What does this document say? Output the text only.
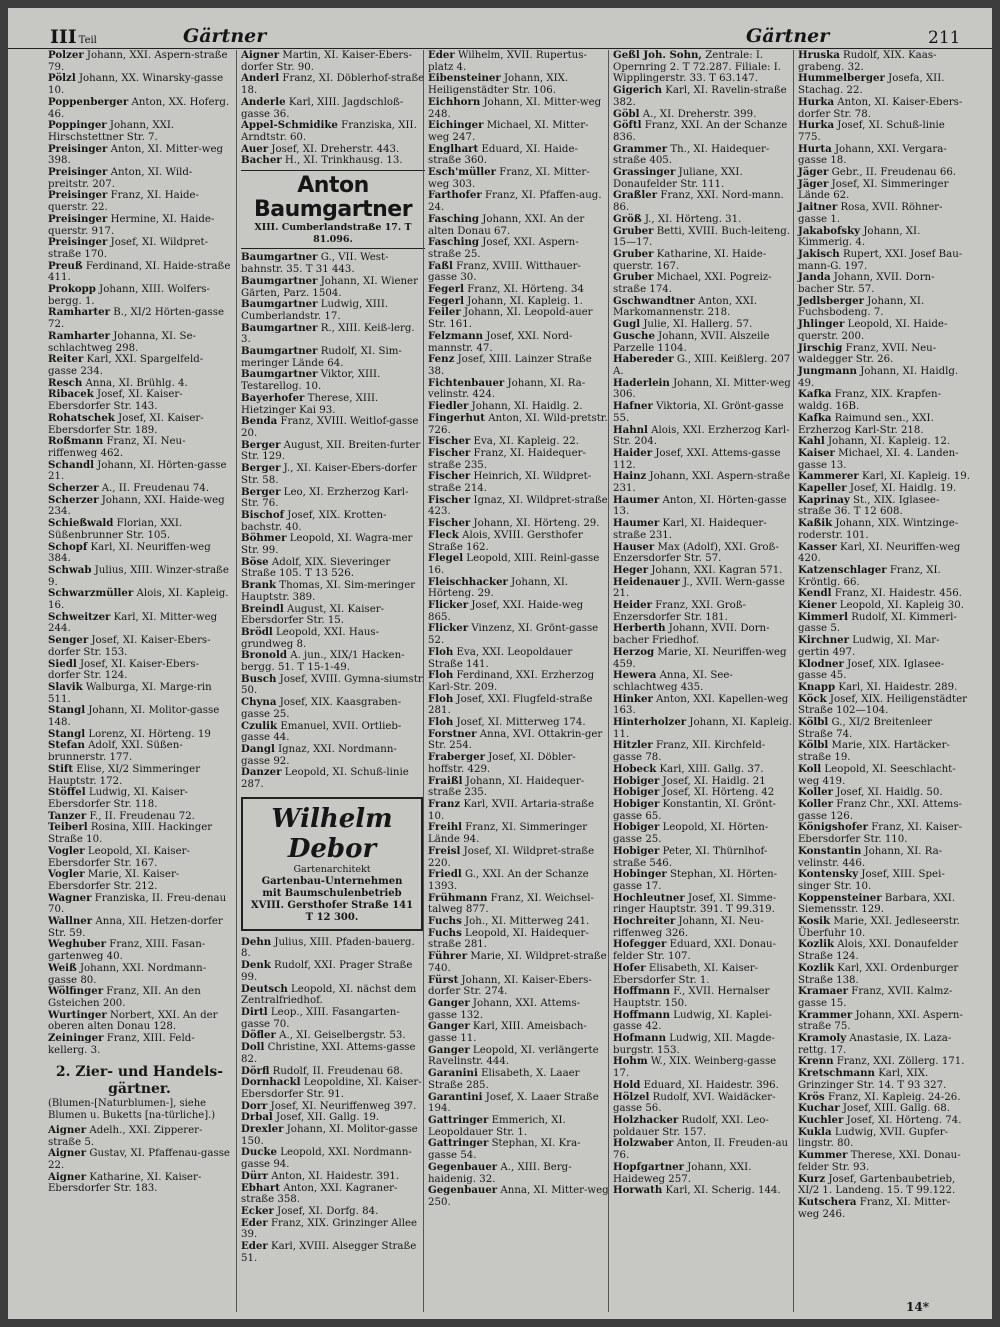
III Teil	Gärtner	Gärtner	211
Polzer Johann, XXI. Aspern-straße 79.
Pölzl Johann, XX. Winarsky-gasse 10.
Poppenberger Anton, XX. Hoferg. 46.
Poppinger Johann, XXI. Hirschstettner Str. 7.
Preisinger Anton, XI. Mitter-weg 398.
Preisinger Anton, XI. Wild-preitstr. 207.
Preisinger Franz, XI. Haide-querstr. 22.
Preisinger Hermine, XI. Haide-querstr. 917.
Preisinger Josef, XI. Wildpret-straße 170.
Preuß Ferdinand, XI. Haide-straße 411.
Prokopp Johann, XIII. Wolfers-bergg. 1.
Ramharter B., XI/2 Hörten-gasse 72.
Ramharter Johanna, XI. Se-schlachtweg 298.
Reiter Karl, XXI. Spargelfeld-gasse 234.
Resch Anna, XI. Brühlg. 4.
Ribacek Josef, XI. Kaiser-Ebersdorfer Str. 143.
Rohatschek Josef, XI. Kaiser-Ebersdorfer Str. 189.
Roßmann Franz, XI. Neu-riffenweg 462.
Schandl Johann, XI. Hörten-gasse 21.
Scherzer A., II. Freudenau 74.
Scherzer Johann, XXI. Haide-weg 234.
Schießwald Florian, XXI. Süßenbrunner Str. 105.
Schopf Karl, XI. Neuriffen-weg 384.
Schwab Julius, XIII. Winzer-straße 9.
Schwarzmüller Alois, XI. Kapleig. 16.
Schweitzer Karl, XI. Mitter-weg 244.
Senger Josef, XI. Kaiser-Ebers-dorfer Str. 153.
Siedl Josef, XI. Kaiser-Ebers-dorfer Str. 124.
Slavik Walburga, XI. Marge-rin 511.
Stangl Johann, XI. Molitor-gasse 148.
Stangl Lorenz, XI. Hörteng. 19
Stefan Adolf, XXI. Süßen-brunnerstr. 177.
Stift Elise, XI/2 Simmeringer Hauptstr. 172.
Stöffel Ludwig, XI. Kaiser-Ebersdorfer Str. 118.
Tanzer F., II. Freudenau 72.
Teiberl Rosina, XIII. Hackinger Straße 10.
Vogler Leopold, XI. Kaiser-Ebersdorfer Str. 167.
Vogler Marie, XI. Kaiser-Ebersdorfer Str. 212.
Wagner Franziska, II. Freu-denau 70.
Wallner Anna, XII. Hetzen-dorfer Str. 59.
Weghuber Franz, XIII. Fasan-gartenweg 40.
Weiß Johann, XXI. Nordmann-gasse 80.
Wölfinger Franz, XII. An den Gsteichen 200.
Wurtinger Norbert, XXI. An der oberen alten Donau 128.
Zeininger Franz, XIII. Feld-kellerg. 3.
2. Zier- und Handels-gärtner.
(Blumen-[Naturblumen-], siehe Blumen u. Buketts [na-türliche].)
Aigner Adelh., XXI. Zipperer-straße 5.
Aigner Gustav, XI. Pfaffenau-gasse 22.
Aigner Katharine, XI. Kaiser-Ebersdorfer Str. 183.
Aigner Martin, XI. Kaiser-Ebers-dorfer Str. 90.
Anderl Franz, XI. Döblerhof-straße 18.
Anderle Karl, XIII. Jagdschloß-gasse 36.
Appel-Schmidike Franziska, XII. Arndtstr. 60.
Auer Josef, XI. Dreherstr. 443.
Bacher H., XI. Trinkhausg. 13.
Anton Baumgartner
XIII. Cumberlandstraße 17. T 81.096.
Baumgartner G., VII. West-bahnstr. 35. T 31 443.
Baumgartner Johann, XI. Wiener Gärten, Parz. 1504.
Baumgartner Ludwig, XIII. Cumberlandstr. 17.
Baumgartner R., XIII. Keiß-lerg. 3.
Baumgartner Rudolf, XI. Sim-meringer Lände 64.
Baumgartner Viktor, XIII. Testarellog. 10.
Bayerhofer Therese, XIII. Hietzinger Kai 93.
Benda Franz, XVIII. Weitlof-gasse 20.
Berger August, XII. Breiten-furter Str. 129.
Berger J., XI. Kaiser-Ebers-dorfer Str. 58.
Berger Leo, XI. Erzherzog Karl-Str. 76.
Bischof Josef, XIX. Krotten-bachstr. 40.
Böhmer Leopold, XI. Wagra-mer Str. 99.
Böse Adolf, XIX. Sieveringer Straße 105. T 13 526.
Brank Thomas, XI. Sim-meringer Hauptstr. 389.
Breindl August, XI. Kaiser-Ebersdorfer Str. 15.
Brödl Leopold, XXI. Haus-grundweg 8.
Bronold A. jun., XIX/1 Hacken-bergg. 51. T 15-1-49.
Busch Josef, XVIII. Gymna-siumstr. 50.
Chyna Josef, XIX. Kaasgraben-gasse 25.
Czulik Emanuel, XVII. Ortlieb-gasse 44.
Dangl Ignaz, XXI. Nordmann-gasse 92.
Danzer Leopold, XI. Schuß-linie 287.
Wilhelm Debor
Gartenarchitekt
Gartenbau-Unternehmen
mit Baumschulenbetrieb
XVIII. Gersthofer Straße 141
T 12 300.
Dehn Julius, XIII. Pfaden-bauerg. 8.
Denk Rudolf, XXI. Prager Straße 99.
Deutsch Leopold, XI. nächst dem Zentralfriedhof.
Dirtl Leop., XIII. Fasangarten-gasse 70.
Döfler A., XI. Geiselbergstr. 53.
Doll Christine, XXI. Attems-gasse 82.
Dörfl Rudolf, II. Freudenau 68.
Dornhackl Leopoldine, XI. Kaiser-Ebersdorfer Str. 91.
Dorr Josef, XI. Neuriffenweg 397.
Drbal Josef, XII. Gallg. 19.
Drexler Johann, XI. Molitor-gasse 150.
Ducke Leopold, XXI. Nordmann-gasse 94.
Dürr Anton, XI. Haidestr. 391.
Ebhart Anton, XXI. Kagraner-straße 358.
Ecker Josef, XI. Dorfg. 84.
Eder Franz, XIX. Grinzinger Allee 39.
Eder Karl, XVIII. Alsegger Straße 51.
Eder Wilhelm, XVII. Rupertus-platz 4.
Eibensteiner Johann, XIX. Heiligenstädter Str. 106.
Eichhorn Johann, XI. Mitter-weg 248.
Eichinger Michael, XI. Mitter-weg 247.
Englhart Eduard, XI. Haide-straße 360.
Esch'müller Franz, XI. Mitter-weg 303.
Farthofer Franz, XI. Pfaffen-aug. 24.
Fasching Johann, XXI. An der alten Donau 67.
Fasching Josef, XXI. Aspern-straße 25.
Faßl Franz, XVIII. Witthauer-gasse 30.
Fegerl Franz, XI. Hörteng. 34
Fegerl Johann, XI. Kapleig. 1.
Feiler Johann, XI. Leopold-auer Str. 161.
Felzmann Josef, XXI. Nord-mannstr. 47.
Fenz Josef, XIII. Lainzer Straße 38.
Fichtenbauer Johann, XI. Ra-velinstr. 424.
Fiedler Johann, XI. Haidlg. 2.
Fingerhut Anton, XI. Wild-pretstr. 726.
Fischer Eva, XI. Kapleig. 22.
Fischer Franz, XI. Haidequer-straße 235.
Fischer Heinrich, XI. Wildpret-straße 214.
Fischer Ignaz, XI. Wildpret-straße 423.
Fischer Johann, XI. Hörteng. 29.
Fleck Alois, XVIII. Gersthofer Straße 162.
Flegel Leopold, XIII. Reinl-gasse 16.
Fleischhacker Johann, XI. Hörteng. 29.
Flicker Josef, XXI. Haide-weg 865.
Flicker Vinzenz, XI. Grönt-gasse 52.
Floh Eva, XXI. Leopoldauer Straße 141.
Floh Ferdinand, XXI. Erzherzog Karl-Str. 209.
Floh Josef, XXI. Flugfeld-straße 281.
Floh Josef, XI. Mitterweg 174.
Forstner Anna, XVI. Ottakrin-ger Str. 254.
Fraberger Josef, XI. Döbler-hoffstr. 429.
Fraißl Johann, XI. Haidequer-straße 235.
Franz Karl, XVII. Artaria-straße 10.
Freihl Franz, XI. Simmeringer Lände 94.
Freisl Josef, XI. Wildpret-straße 220.
Friedl G., XXI. An der Schanze 1393.
Frühmann Franz, XI. Weichsel-talweg 877.
Fuchs Joh., XI. Mitterweg 241.
Fuchs Leopold, XI. Haidequer-straße 281.
Führer Marie, XI. Wildpret-straße 740.
Fürst Johann, XI. Kaiser-Ebers-dorfer Str. 274.
Ganger Johann, XXI. Attems-gasse 132.
Ganger Karl, XIII. Ameisbach-gasse 11.
Ganger Leopold, XI. verlängerte Ravelinstr. 444.
Garanini Elisabeth, X. Laaer Straße 285.
Garantini Josef, X. Laaer Straße 194.
Gattringer Emmerich, XI. Leopoldauer Str. 1.
Gattringer Stephan, XI. Kra-gasse 54.
Gegenbauer A., XIII. Berg-haidenig. 32.
Gegenbauer Anna, XI. Mitter-weg 250.
Geßl Joh. Sohn, Zentrale: I. Opernring 2. T 72.287. Filiale: I. Wipplingerstr. 33. T 63.147.
Gigerich Karl, XI. Ravelin-straße 382.
Göbl A., XI. Dreherstr. 399.
Göftl Franz, XXI. An der Schanze 836.
Grammer Th., XI. Haidequer-straße 405.
Grassinger Juliane, XXI. Donaufelder Str. 111.
Graßler Franz, XXI. Nord-mann. 86.
Größ J., XI. Hörteng. 31.
Gruber Betti, XVIII. Buch-leiteng. 15—17.
Gruber Katharine, XI. Haide-querstr. 167.
Gruber Michael, XXI. Pogreiz-straße 174.
Gschwandtner Anton, XXI. Markomannenstr. 218.
Gugl Julie, XI. Hallerg. 57.
Gusche Johann, XVII. Alszeile Parzelle 1104.
Habereder G., XIII. Keißlerg. 207 A.
Haderlein Johann, XI. Mitter-weg 306.
Hafner Viktoria, XI. Grönt-gasse 55.
Hahnl Alois, XXI. Erzherzog Karl-Str. 204.
Haider Josef, XXI. Attems-gasse 112.
Hainz Johann, XXI. Aspern-straße 231.
Haumer Anton, XI. Hörten-gasse 13.
Haumer Karl, XI. Haidequer-straße 231.
Hauser Max (Adolf), XXI. Groß-Enzersdorfer Str. 57.
Heger Johann, XXI. Kagran 571.
Heidenauer J., XVII. Wern-gasse 21.
Heider Franz, XXI. Groß-Enzersdorfer Str. 181.
Herberth Johann, XVII. Dorn-bacher Friedhof.
Herzog Marie, XI. Neuriffen-weg 459.
Hewera Anna, XI. See-schlachtweg 435.
Hinker Anton, XXI. Kapellen-weg 163.
Hinterholzer Johann, XI. Kapleig. 11.
Hitzler Franz, XII. Kirchfeld-gasse 78.
Hobeck Karl, XIII. Gallg. 37.
Hobiger Josef, XI. Haidlg. 21
Hobiger Josef, XI. Hörteng. 42
Hobiger Konstantin, XI. Grönt-gasse 65.
Hobiger Leopold, XI. Hörten-gasse 25.
Hobiger Peter, XI. Thürnlhof-straße 546.
Hobinger Stephan, XI. Hörten-gasse 17.
Hochleutner Josef, XI. Simme-ringer Hauptstr. 391. T 99.319.
Hochreiter Johann, XI. Neu-riffenweg 326.
Hofegger Eduard, XXI. Donau-felder Str. 107.
Hofer Elisabeth, XI. Kaiser-Ebersdorfer Str. 1.
Hoffmann F., XVII. Hernalser Hauptstr. 150.
Hoffmann Ludwig, XI. Kaplei-gasse 42.
Hofmann Ludwig, XII. Magde-burgstr. 153.
Hohm W., XIX. Weinberg-gasse 17.
Hold Eduard, XI. Haidestr. 396.
Hölzel Rudolf, XVI. Waidäcker-gasse 56.
Holzhacker Rudolf, XXI. Leo-poldauer Str. 157.
Holzwaber Anton, II. Freuden-au 76.
Hopfgartner Johann, XXI. Haideweg 257.
Horwath Karl, XI. Scherig. 144.
Hruska Rudolf, XIX. Kaas-grabeng. 32.
Hummelberger Josefa, XII. Stachag. 22.
Hurka Anton, XI. Kaiser-Ebers-dorfer Str. 78.
Hurka Josef, XI. Schuß-linie 775.
Hurta Johann, XXI. Vergara-gasse 18.
Jäger Gebr., II. Freudenau 66.
Jäger Josef, XI. Simmeringer Lände 62.
Jaitner Rosa, XVII. Röhner-gasse 1.
Jakabofsky Johann, XI. Kimmerig. 4.
Jakisch Rupert, XXI. Josef Bau-mann-G. 197.
Janda Johann, XVII. Dorn-bacher Str. 57.
Jedlsberger Johann, XI. Fuchsbodeng. 7.
Jhlinger Leopold, XI. Haide-querstr. 200.
Jirschig Franz, XVII. Neu-waldegger Str. 26.
Jungmann Johann, XI. Haidlg. 49.
Kafka Franz, XIX. Krapfen-waldg. 16B.
Kafka Raimund sen., XXI. Erzherzog Karl-Str. 218.
Kahl Johann, XI. Kapleig. 12.
Kaiser Michael, XI. 4. Landen-gasse 13.
Kammerer Karl, XI. Kapleig. 19.
Kapeller Josef, XI. Haidlg. 19.
Kaprinay St., XIX. Iglasee-straße 36. T 12 608.
Kaßik Johann, XIX. Wintzinge-roderstr. 101.
Kasser Karl, XI. Neuriffen-weg 420.
Katzenschlager Franz, XI. Kröntlg. 66.
Kendl Franz, XI. Haidestr. 456.
Kiener Leopold, XI. Kapleig 30.
Kimmerl Rudolf, XI. Kimmerl-gasse 5.
Kirchner Ludwig, XI. Mar-gertin 497.
Klodner Josef, XIX. Iglasee-gasse 45.
Knapp Karl, XI. Haidestr. 289.
Köck Josef, XIX. Heiligenstädter Straße 102—104.
Kölbl G., XI/2 Breitenleer Straße 74.
Kölbl Marie, XIX. Hartäcker-straße 19.
Koll Leopold, XI. Seeschlacht-weg 419.
Koller Josef, XI. Haidlg. 50.
Koller Franz Chr., XXI. Attems-gasse 126.
Königshofer Franz, XI. Kaiser-Ebersdorfer Str. 110.
Konstantin Johann, XI. Ra-velinstr. 446.
Kontensky Josef, XIII. Spei-singer Str. 10.
Koppensteiner Barbara, XXI. Siemensstr. 129.
Kosik Marie, XXI. Jedleseerstr. Überfuhr 10.
Kozlik Alois, XXI. Donaufelder Straße 124.
Kozlik Karl, XXI. Ordenburger Straße 138.
Kramaer Franz, XVII. Kalmz-gasse 15.
Krammer Johann, XXI. Aspern-straße 75.
Kramoly Anastasie, IX. Laza-rettg. 17.
Krenn Franz, XXI. Zöllerg. 171.
Kretschmann Karl, XIX. Grinzinger Str. 14. T 93 327.
Krös Franz, XI. Kapleig. 24-26.
Kuchar Josef, XIII. Gallg. 68.
Kuchler Josef, XI. Hörteng. 74.
Kukla Ludwig, XVII. Gupfer-lingstr. 80.
Kummer Therese, XXI. Donau-felder Str. 93.
Kurz Josef, Gartenbaubetrieb, XI/2 1. Landeng. 15. T 99.122.
Kutschera Franz, XI. Mitter-weg 246.
14*
